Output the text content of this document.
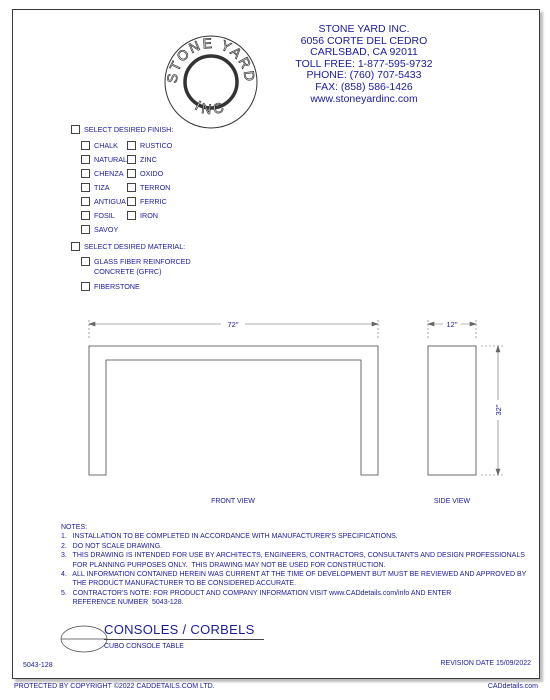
STONE YARD
INC
STONE YARD INC.
6056 CORTE DEL CEDRO
CARLSBAD, CA 92011
TOLL FREE: 1-877-595-9732
PHONE: (760) 707-5433
FAX: (858) 586-1426
www.stoneyardinc.com
SELECT DESIRED FINISH:
SELECT DESIRED MATERIAL:
GLASS FIBER REINFORCED
CONCRETE (GFRC)
FIBERSTONE
72"	12"
32"
FRONT VIEW	SIDE VIEW
NOTES:
1.   INSTALLATION TO BE COMPLETED IN ACCORDANCE WITH MANUFACTURER'S SPECIFICATIONS.
2.   DO NOT SCALE DRAWING.
3.   THIS DRAWING IS INTENDED FOR USE BY ARCHITECTS, ENGINEERS, CONTRACTORS, CONSULTANTS AND DESIGN PROFESSIONALS
FOR PLANNING PURPOSES ONLY.  THIS DRAWING MAY NOT BE USED FOR CONSTRUCTION.
4.   ALL INFORMATION CONTAINED HEREIN WAS CURRENT AT THE TIME OF DEVELOPMENT BUT MUST BE REVIEWED AND APPROVED BY
THE PRODUCT MANUFACTURER TO BE CONSIDERED ACCURATE.
5.   CONTRACTOR'S NOTE: FOR PRODUCT AND COMPANY INFORMATION VISIT www.CADdetails.com/info AND ENTER
REFERENCE NUMBER  5043-128.
CONSOLES / CORBELS
CUBO CONSOLE TABLE
5043-128	REVISION DATE 15/09/2022
CHALK
NATURAL
CHENZA
TIZA
ANTIGUA
FOSIL
SAVOY
RUSTICO
ZINC
OXIDO
TERRON
FERRIC
IRON
PROTECTED BY COPYRIGHT ©2022 CADDETAILS.COM LTD.	CADdetails.com
